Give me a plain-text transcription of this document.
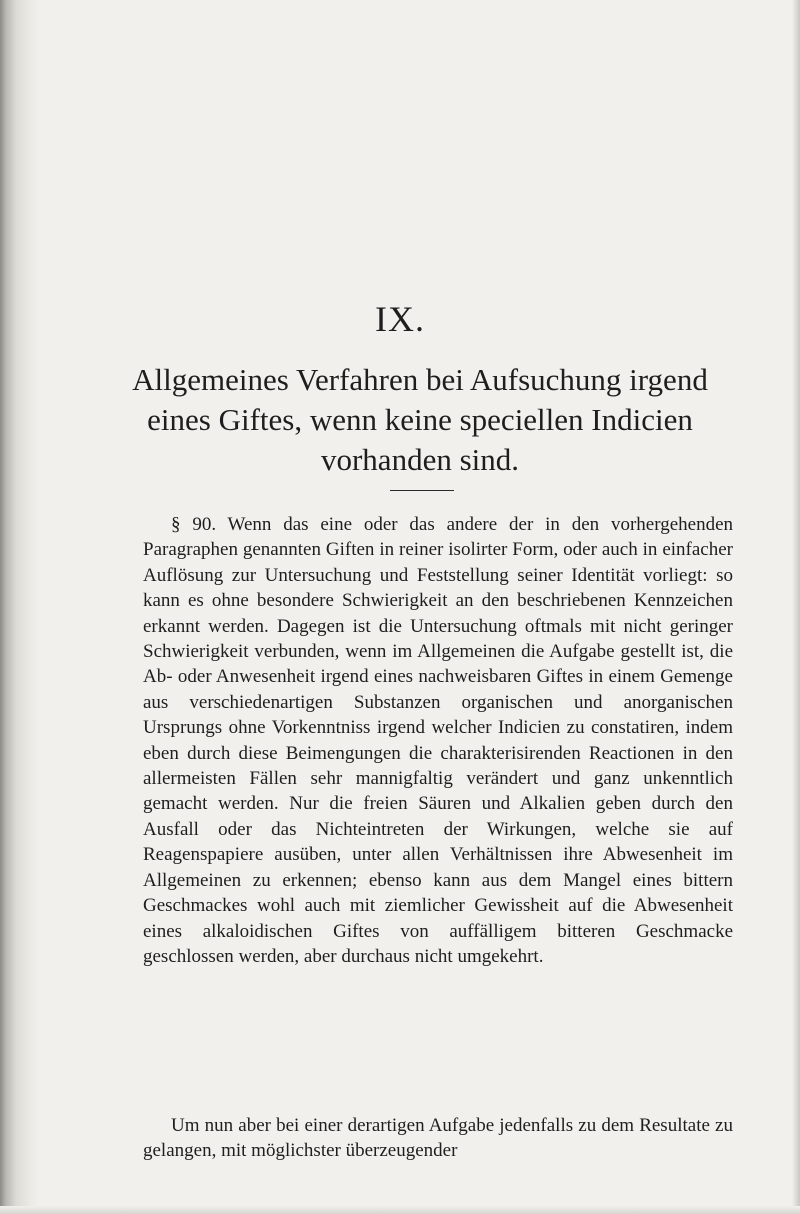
IX.
Allgemeines Verfahren bei Aufsuchung irgend
eines Giftes, wenn keine speciellen Indicien
vorhanden sind.

§ 90. Wenn das eine oder das andere der in den vorhergehenden Paragraphen genannten Giften in reiner isolirter Form, oder auch in einfacher Auflösung zur Untersuchung und Feststellung seiner Identität vorliegt: so kann es ohne besondere Schwierigkeit an den beschriebenen Kennzeichen erkannt werden. Dagegen ist die Untersuchung oftmals mit nicht geringer Schwierigkeit verbunden, wenn im Allgemeinen die Aufgabe gestellt ist, die Ab- oder Anwesenheit irgend eines nachweisbaren Giftes in einem Gemenge aus verschiedenartigen Substanzen organischen und anorganischen Ursprungs ohne Vorkenntniss irgend welcher Indicien zu constatiren, indem eben durch diese Beimengungen die charakterisirenden Reactionen in den allermeisten Fällen sehr mannigfaltig verändert und ganz unkenntlich gemacht werden. Nur die freien Säuren und Alkalien geben durch den Ausfall oder das Nichteintreten der Wirkungen, welche sie auf Reagenspapiere ausüben, unter allen Verhältnissen ihre Abwesenheit im Allgemeinen zu erkennen; ebenso kann aus dem Mangel eines bittern Geschmackes wohl auch mit ziemlicher Gewissheit auf die Abwesenheit eines alkaloidischen Giftes von auffälligem bitteren Geschmacke geschlossen werden, aber durchaus nicht umgekehrt.

Um nun aber bei einer derartigen Aufgabe jedenfalls zu dem Resultate zu gelangen, mit möglichster überzeugender
